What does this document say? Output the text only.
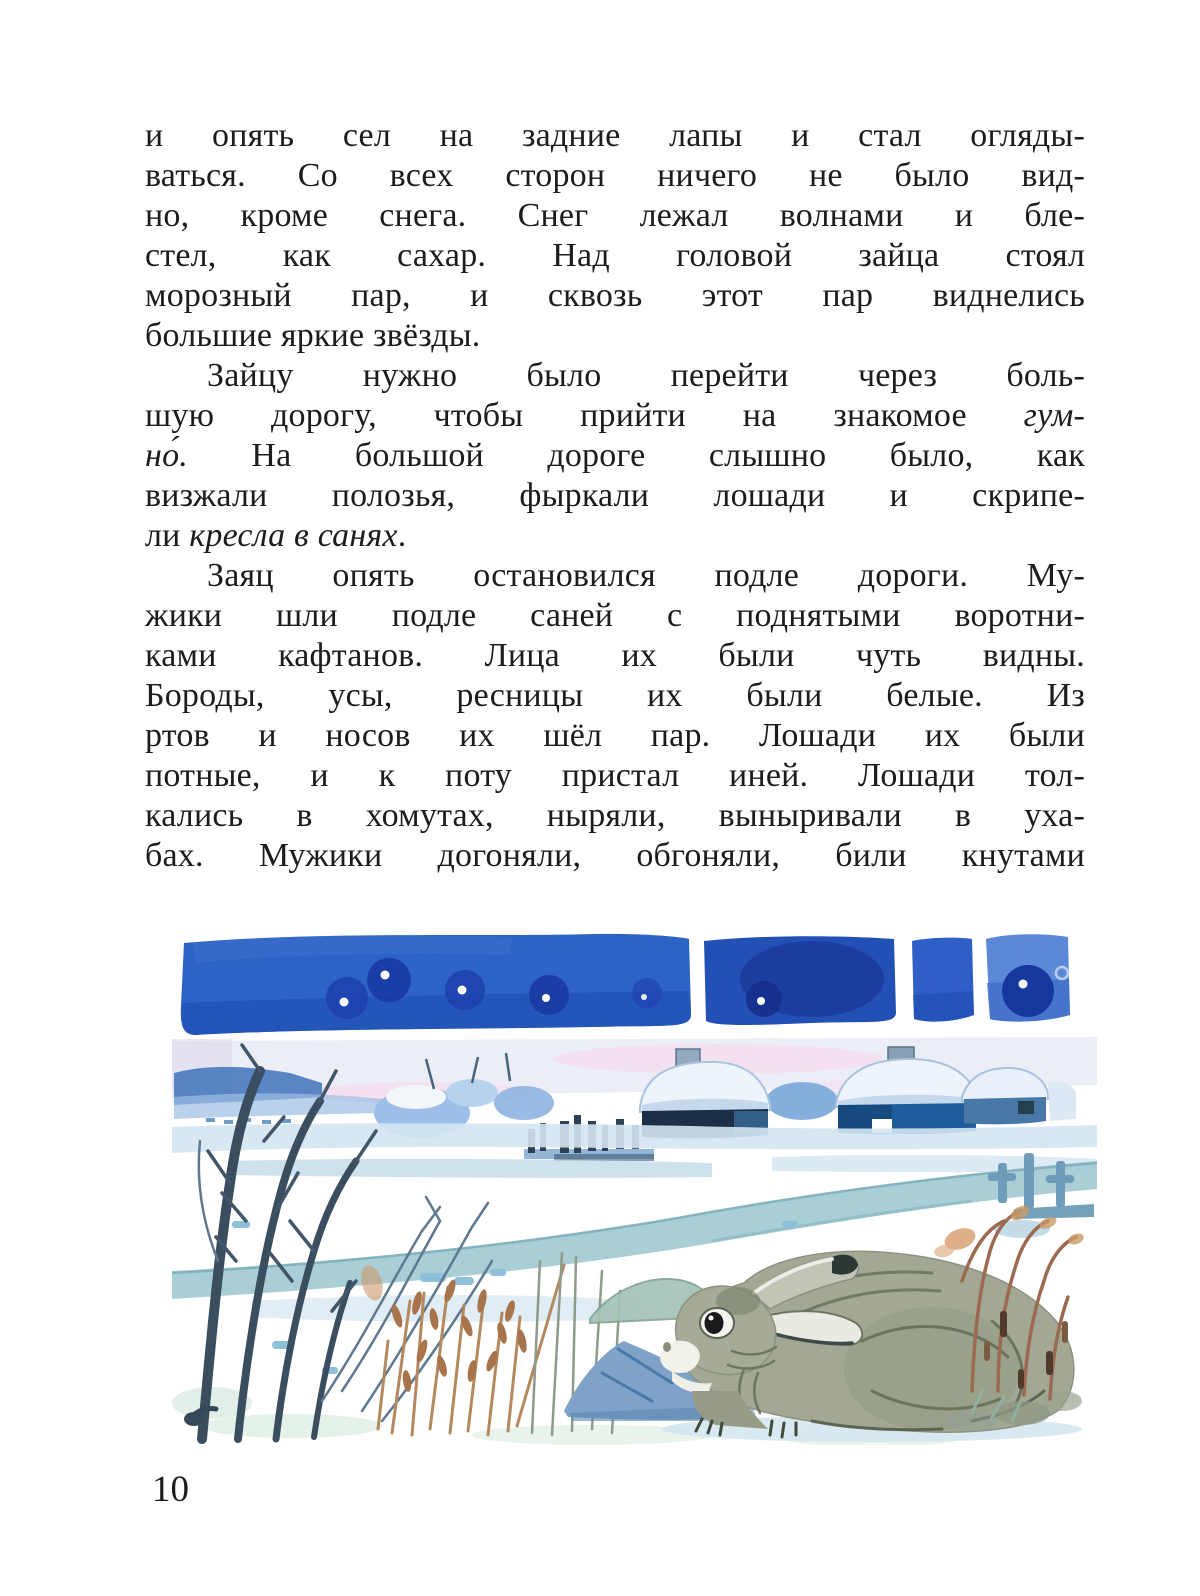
и опять сел на задние лапы и стал огляды-
ваться. Со всех сторон ничего не было вид-
но, кроме снега. Снег лежал волнами и бле-
стел, как сахар. Над головой зайца стоял
морозный пар, и сквозь этот пар виднелись
большие яркие звёзды.
Зайцу нужно было перейти через боль-
шую дорогу, чтобы прийти на знакомое гум-
но́. На большой дороге слышно было, как
визжали полозья, фыркали лошади и скрипе-
ли кресла в санях.
Заяц опять остановился подле дороги. Му-
жики шли подле саней с поднятыми воротни-
ками кафтанов. Лица их были чуть видны.
Бороды, усы, ресницы их были белые. Из
ртов и носов их шёл пар. Лошади их были
потные, и к поту пристал иней. Лошади тол-
кались в хомутах, ныряли, выныривали в уха-
бах. Мужики догоняли, обгоняли, били кнутами
10
